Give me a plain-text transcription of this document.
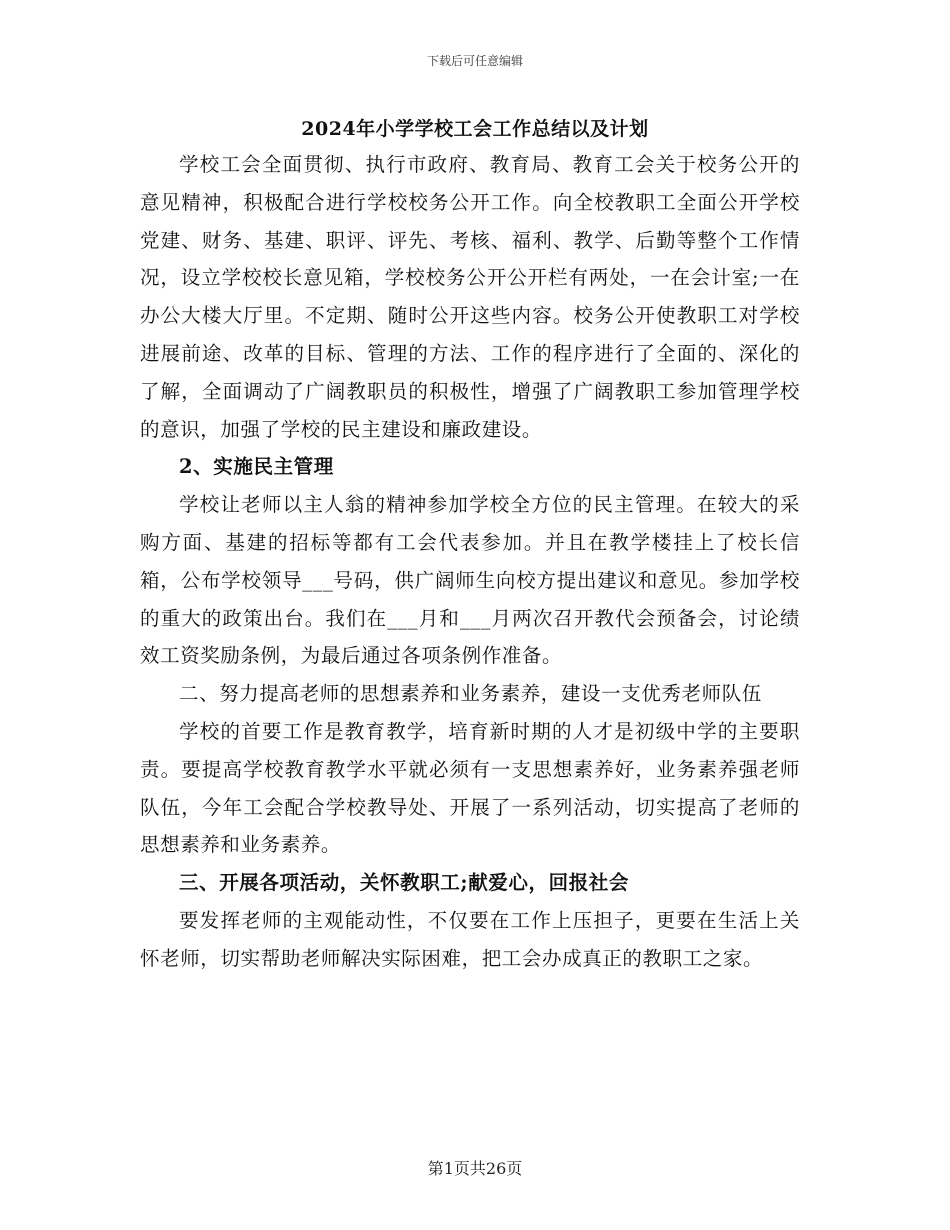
下载后可任意编辑
2024年小学学校工会工作总结以及计划

学校工会全面贯彻、执行市政府、教育局、教育工会关于校务公开的意见精神，积极配合进行学校校务公开工作。向全校教职工全面公开学校党建、财务、基建、职评、评先、考核、福利、教学、后勤等整个工作情况，设立学校校长意见箱，学校校务公开公开栏有两处，一在会计室;一在办公大楼大厅里。不定期、随时公开这些内容。校务公开使教职工对学校进展前途、改革的目标、管理的方法、工作的程序进行了全面的、深化的了解，全面调动了广阔教职员的积极性，增强了广阔教职工参加管理学校的意识，加强了学校的民主建设和廉政建设。

2、实施民主管理

学校让老师以主人翁的精神参加学校全方位的民主管理。在较大的采购方面、基建的招标等都有工会代表参加。并且在教学楼挂上了校长信箱，公布学校领导___号码，供广阔师生向校方提出建议和意见。参加学校的重大的政策出台。我们在___月和___月两次召开教代会预备会，讨论绩效工资奖励条例，为最后通过各项条例作准备。

二、努力提高老师的思想素养和业务素养，建设一支优秀老师队伍

学校的首要工作是教育教学，培育新时期的人才是初级中学的主要职责。要提高学校教育教学水平就必须有一支思想素养好，业务素养强老师队伍，今年工会配合学校教导处、开展了一系列活动，切实提高了老师的思想素养和业务素养。

三、开展各项活动，关怀教职工;献爱心，回报社会

要发挥老师的主观能动性，不仅要在工作上压担子，更要在生活上关怀老师，切实帮助老师解决实际困难，把工会办成真正的教职工之家。

第1页共26页
